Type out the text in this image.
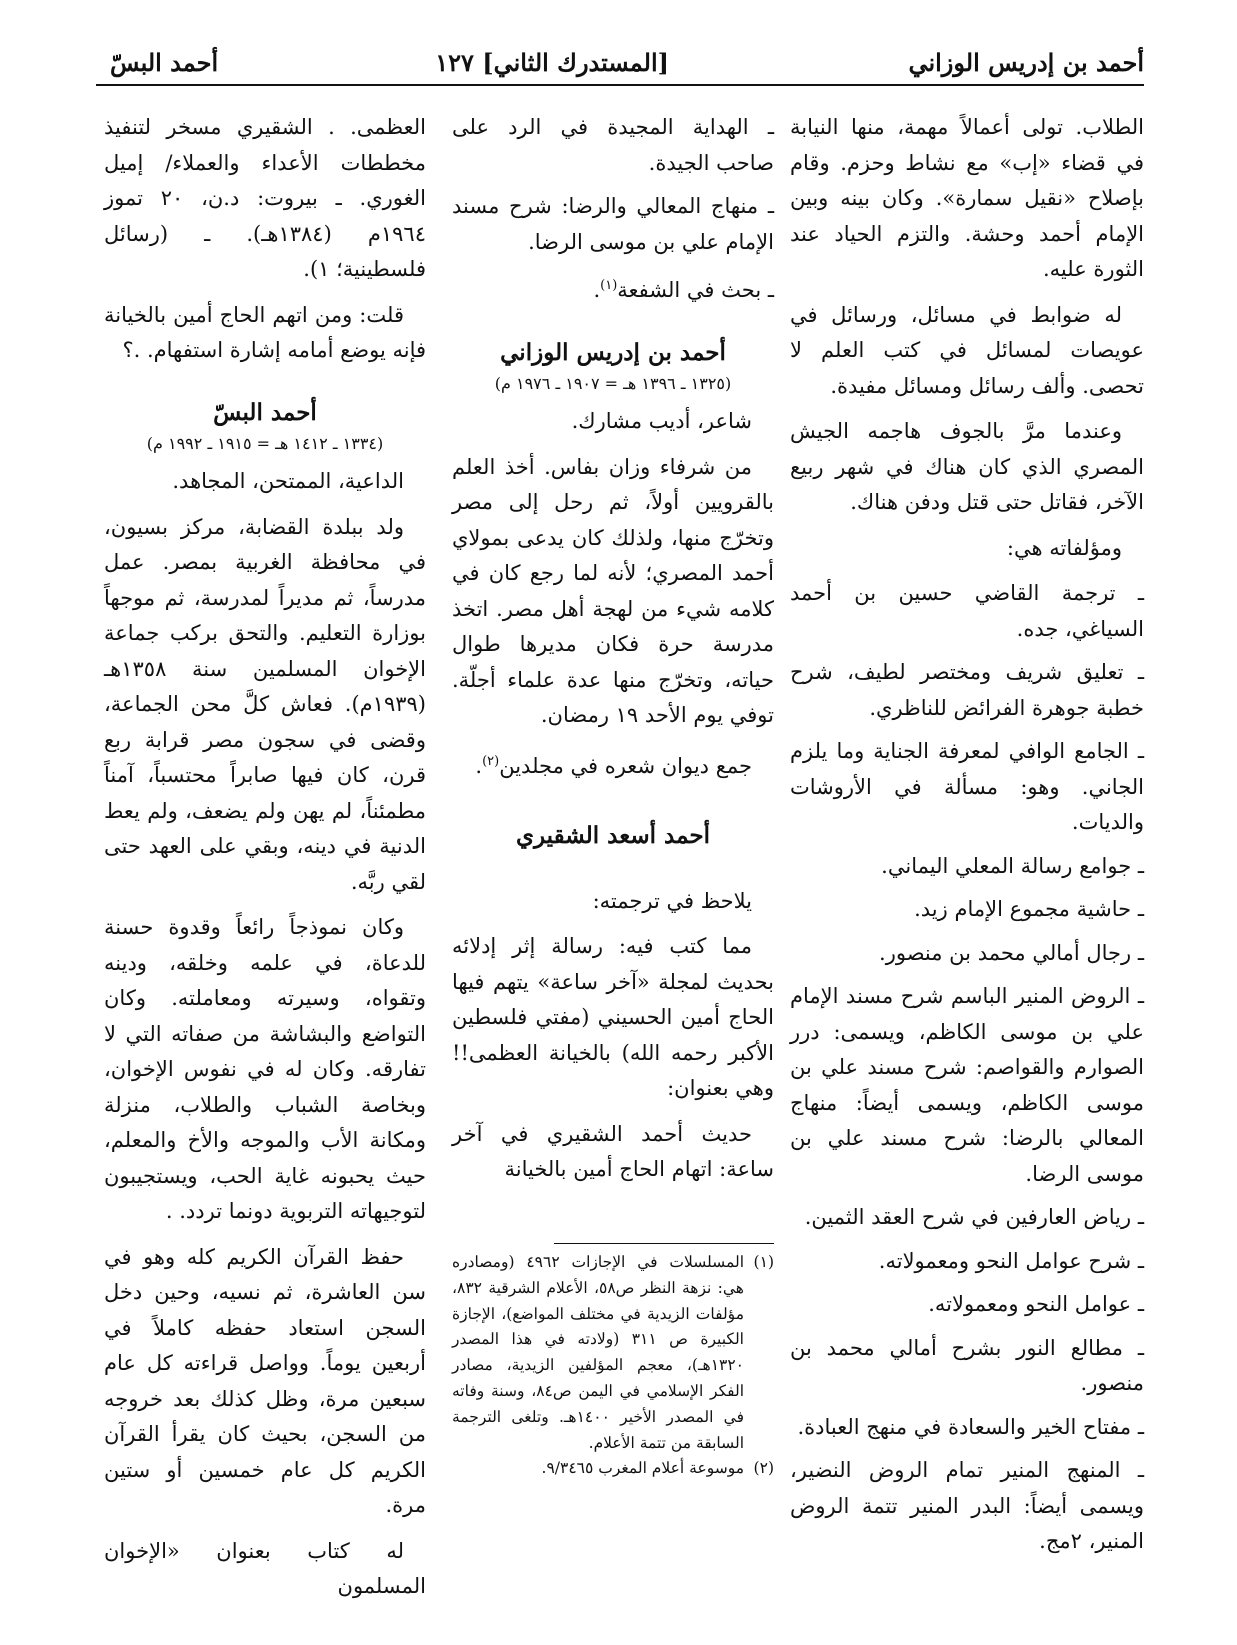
أحمد بن إدريس الوزاني
[المستدرك الثاني] ١٢٧
أحمد البسّ

الطلاب. تولى أعمالاً مهمة، منها النيابة في قضاء «إب» مع نشاط وحزم. وقام بإصلاح «نقيل سمارة». وكان بينه وبين الإمام أحمد وحشة. والتزم الحياد عند الثورة عليه.

له ضوابط في مسائل، ورسائل في عويصات لمسائل في كتب العلم لا تحصى. وألف رسائل ومسائل مفيدة.

وعندما مرَّ بالجوف هاجمه الجيش المصري الذي كان هناك في شهر ربيع الآخر، فقاتل حتى قتل ودفن هناك.

ومؤلفاته هي:

ـ ترجمة القاضي حسين بن أحمد السياغي، جده.
ـ تعليق شريف ومختصر لطيف، شرح خطبة جوهرة الفرائض للناظري.
ـ الجامع الوافي لمعرفة الجناية وما يلزم الجاني. وهو: مسألة في الأروشات والديات.
ـ جوامع رسالة المعلي اليماني.
ـ حاشية مجموع الإمام زيد.
ـ رجال أمالي محمد بن منصور.
ـ الروض المنير الباسم شرح مسند الإمام علي بن موسى الكاظم، ويسمى: درر الصوارم والقواصم: شرح مسند علي بن موسى الكاظم، ويسمى أيضاً: منهاج المعالي بالرضا: شرح مسند علي بن موسى الرضا.
ـ رياض العارفين في شرح العقد الثمين.
ـ شرح عوامل النحو ومعمولاته.
ـ عوامل النحو ومعمولاته.
ـ مطالع النور بشرح أمالي محمد بن منصور.
ـ مفتاح الخير والسعادة في منهج العبادة.
ـ المنهج المنير تمام الروض النضير، ويسمى أيضاً: البدر المنير تتمة الروض المنير، ٢مج.
ـ الهداية المجيدة في الرد على صاحب الجيدة.
ـ منهاج المعالي والرضا: شرح مسند الإمام علي بن موسى الرضا.
ـ بحث في الشفعة$^{(١)}$.
أحمد بن إدريس الوزاني
(١٣٢٥ ـ ١٣٩٦ هـ = ١٩٠٧ ـ ١٩٧٦ م)

شاعر، أديب مشارك.

من شرفاء وزان بفاس. أخذ العلم بالقرويين أولاً، ثم رحل إلى مصر وتخرّج منها، ولذلك كان يدعى بمولاي أحمد المصري؛ لأنه لما رجع كان في كلامه شيء من لهجة أهل مصر. اتخذ مدرسة حرة فكان مديرها طوال حياته، وتخرّج منها عدة علماء أجلّة. توفي يوم الأحد ١٩ رمضان.

جمع ديوان شعره في مجلدين$^{(٢)}$.

أحمد أسعد الشقيري

يلاحظ في ترجمته:

مما كتب فيه: رسالة إثر إدلائه بحديث لمجلة «آخر ساعة» يتهم فيها الحاج أمين الحسيني (مفتي فلسطين الأكبر رحمه الله) بالخيانة العظمى!! وهي بعنوان:

حديث أحمد الشقيري في آخر ساعة: اتهام الحاج أمين بالخيانة

(١)
المسلسلات في الإجازات ٤٩٦٢ (ومصادره هي: نزهة النظر ص٥٨، الأعلام الشرقية ٨٣٢، مؤلفات الزيدية في مختلف المواضع)، الإجازة الكبيرة ص ٣١١ (ولادته في هذا المصدر ١٣٢٠هـ)، معجم المؤلفين الزيدية، مصادر الفكر الإسلامي في اليمن ص٨٤، وسنة وفاته في المصدر الأخير ١٤٠٠هـ. وتلغى الترجمة السابقة من تتمة الأعلام.
(٢)
موسوعة أعلام المغرب ٩/٣٤٦٥.

العظمى. . الشقيري مسخر لتنفيذ مخططات الأعداء والعملاء/ إميل الغوري. ـ بيروت: د.ن، ٢٠ تموز ١٩٦٤م (١٣٨٤هـ). ـ (رسائل فلسطينية؛ ١).

قلت: ومن اتهم الحاج أمين بالخيانة فإنه يوضع أمامه إشارة استفهام. .؟

أحمد البسّ
(١٣٣٤ ـ ١٤١٢ هـ = ١٩١٥ ـ ١٩٩٢ م)

الداعية، الممتحن، المجاهد.

ولد ببلدة القضابة، مركز بسيون، في محافظة الغربية بمصر. عمل مدرساً، ثم مديراً لمدرسة، ثم موجهاً بوزارة التعليم. والتحق بركب جماعة الإخوان المسلمين سنة ١٣٥٨هـ (١٩٣٩م). فعاش كلَّ محن الجماعة، وقضى في سجون مصر قرابة ربع قرن، كان فيها صابراً محتسباً، آمناً مطمئناً، لم يهن ولم يضعف، ولم يعط الدنية في دينه، وبقي على العهد حتى لقي ربَّه.

وكان نموذجاً رائعاً وقدوة حسنة للدعاة، في علمه وخلقه، ودينه وتقواه، وسيرته ومعاملته. وكان التواضع والبشاشة من صفاته التي لا تفارقه. وكان له في نفوس الإخوان، وبخاصة الشباب والطلاب، منزلة ومكانة الأب والموجه والأخ والمعلم، حيث يحبونه غاية الحب، ويستجيبون لتوجيهاته التربوية دونما تردد. .

حفظ القرآن الكريم كله وهو في سن العاشرة، ثم نسيه، وحين دخل السجن استعاد حفظه كاملاً في أربعين يوماً. وواصل قراءته كل عام سبعين مرة، وظل كذلك بعد خروجه من السجن، بحيث كان يقرأ القرآن الكريم كل عام خمسين أو ستين مرة.

له كتاب بعنوان «الإخوان المسلمون
